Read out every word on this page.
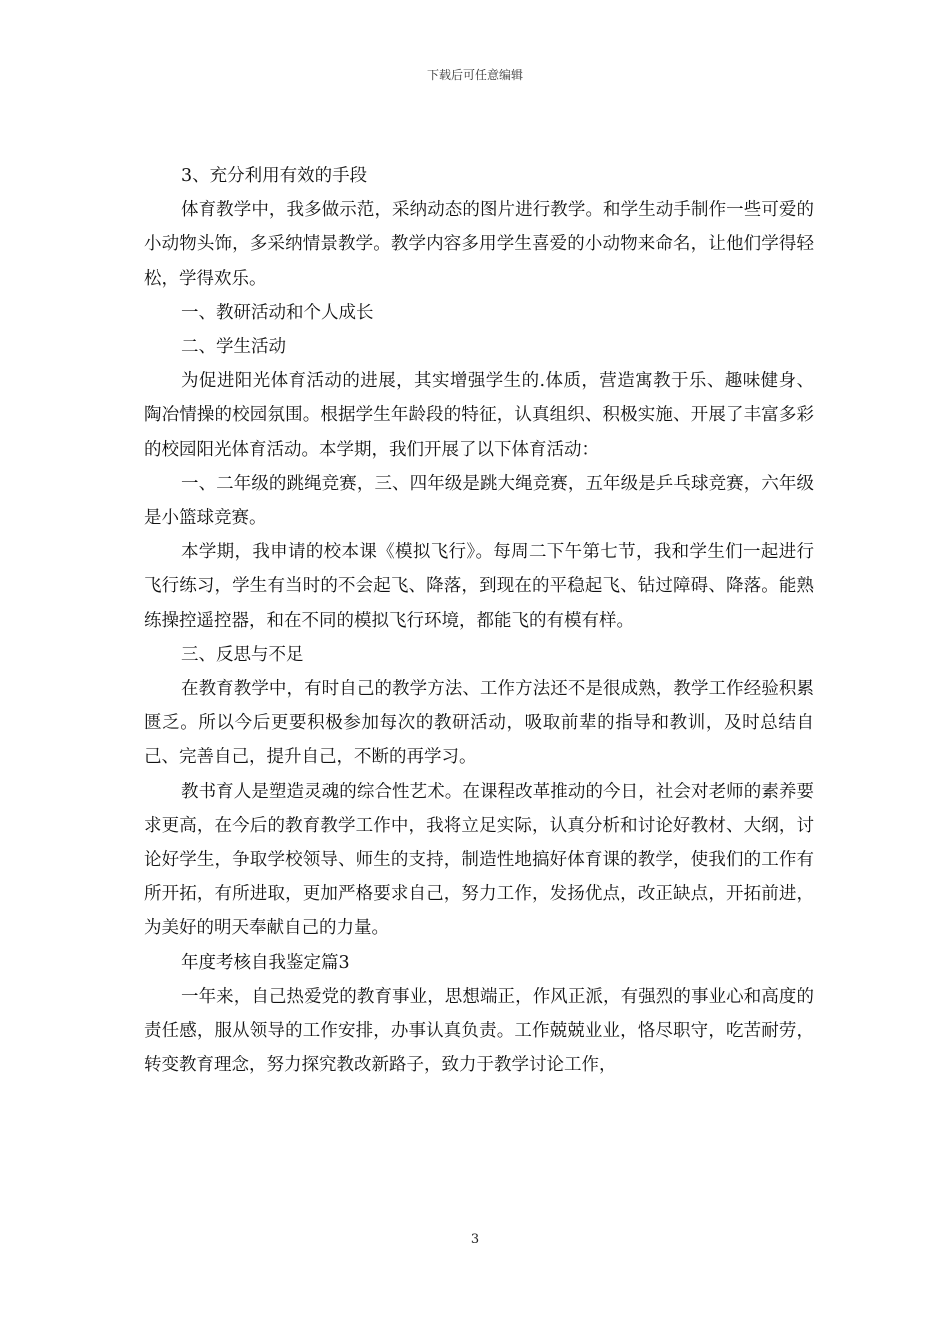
下载后可任意编辑

3、充分利用有效的手段

体育教学中，我多做示范，采纳动态的图片进行教学。和学生动手制作一些可爱的小动物头饰，多采纳情景教学。教学内容多用学生喜爱的小动物来命名，让他们学得轻松，学得欢乐。

一、教研活动和个人成长

二、学生活动

为促进阳光体育活动的进展，其实增强学生的.体质，营造寓教于乐、趣味健身、陶冶情操的校园氛围。根据学生年龄段的特征，认真组织、积极实施、开展了丰富多彩的校园阳光体育活动。本学期，我们开展了以下体育活动：

一、二年级的跳绳竞赛，三、四年级是跳大绳竞赛，五年级是乒乓球竞赛，六年级是小篮球竞赛。

本学期，我申请的校本课《模拟飞行》。每周二下午第七节，我和学生们一起进行飞行练习，学生有当时的不会起飞、降落，到现在的平稳起飞、钻过障碍、降落。能熟练操控遥控器，和在不同的模拟飞行环境，都能飞的有模有样。

三、反思与不足

在教育教学中，有时自己的教学方法、工作方法还不是很成熟，教学工作经验积累匮乏。所以今后更要积极参加每次的教研活动，吸取前辈的指导和教训，及时总结自己、完善自己，提升自己，不断的再学习。

教书育人是塑造灵魂的综合性艺术。在课程改革推动的今日，社会对老师的素养要求更高，在今后的教育教学工作中，我将立足实际，认真分析和讨论好教材、大纲，讨论好学生，争取学校领导、师生的支持，制造性地搞好体育课的教学，使我们的工作有所开拓，有所进取，更加严格要求自己，努力工作，发扬优点，改正缺点，开拓前进，为美好的明天奉献自己的力量。

年度考核自我鉴定篇3

一年来，自己热爱党的教育事业，思想端正，作风正派，有强烈的事业心和高度的责任感，服从领导的工作安排，办事认真负责。工作兢兢业业，恪尽职守，吃苦耐劳，转变教育理念，努力探究教改新路子，致力于教学讨论工作，

3
